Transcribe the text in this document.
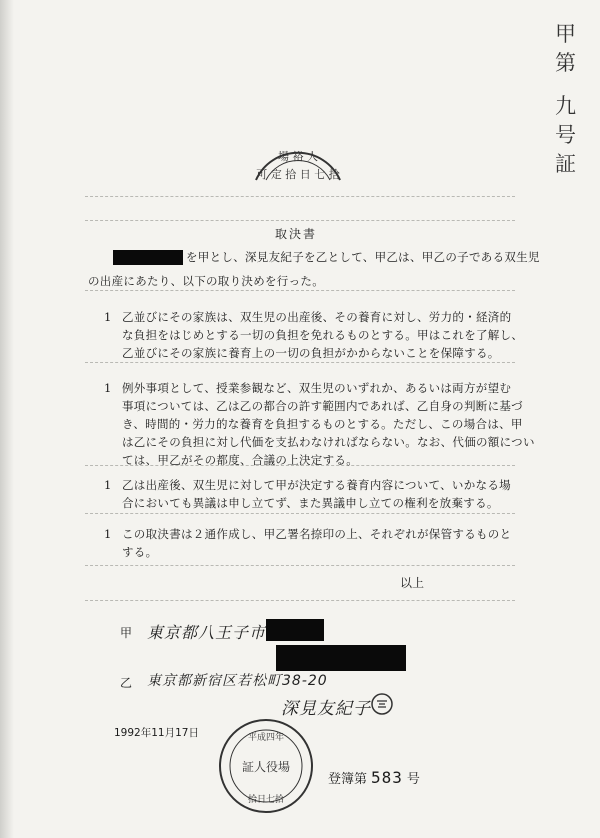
甲第
九号証
場 裕 人
可 定 拾 日 七 拾
取決書
を甲とし、深見友紀子を乙として、甲乙は、甲乙の子である双生児
の出産にあたり、以下の取り決めを行った。
1 乙並びにその家族は、双生児の出産後、その養育に対し、労力的・経済的
な負担をはじめとする一切の負担を免れるものとする。甲はこれを了解し、
乙並びにその家族に養育上の一切の負担がかからないことを保障する。
1 例外事項として、授業参観など、双生児のいずれか、あるいは両方が望む
事項については、乙は乙の都合の許す範囲内であれば、乙自身の判断に基づ
き、時間的・労力的な養育を負担するものとする。ただし、この場合は、甲
は乙にその負担に対し代価を支払わなければならない。なお、代価の額につい
ては、甲乙がその都度、合議の上決定する。
1 乙は出産後、双生児に対して甲が決定する養育内容について、いかなる場
合においても異議は申し立てず、また異議申し立ての権利を放棄する。
1 この取決書は２通作成し、甲乙署名捺印の上、それぞれが保管するものと
する。
以上
甲 東京都八王子市
乙 東京都新宿区若松町38-20
深見友紀子
1992年11月17日	平成四年
証人役場
拾日七拾
登簿第 583 号
